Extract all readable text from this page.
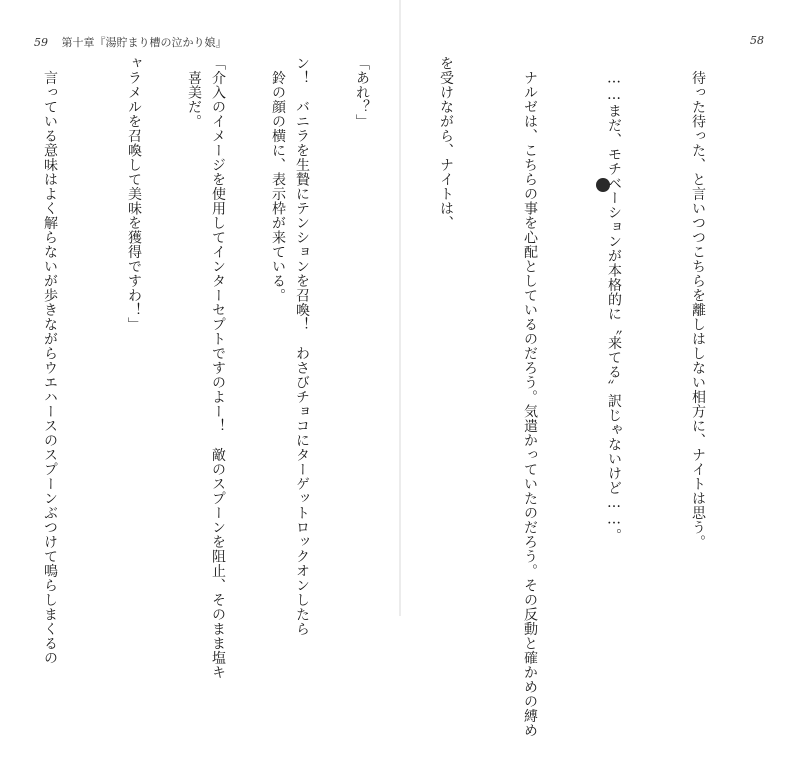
59 第十章『湯貯まり槽の泣かり娘』

ン！　バニラを生贄にテンションを召喚！　わさびチョコにターゲットロックオンしたら

「介入のイメージを使用してインターセプトですのよー！　敵のスプーンを阻止、そのまま塩キ

ャラメルを召喚して美味を獲得ですわ！」

　言っている意味はよく解らないが歩きながらウエハースのスプーンぶつけて鳴らしまくるの

58

　待った待った、と言いつつこちらを離しはしない相方に、ナイトは思う。

　……まだ、モチベーションが本格的に〝来てる〟訳じゃないけど……。

　ナルゼは、こちらの事を心配としているのだろう。気遣かっていたのだろう。その反動と確かめの縛め

を受けながら、ナイトは、

「あれ？」

　鈴の顔の横に、表示枠が来ている。

　喜美だ。
